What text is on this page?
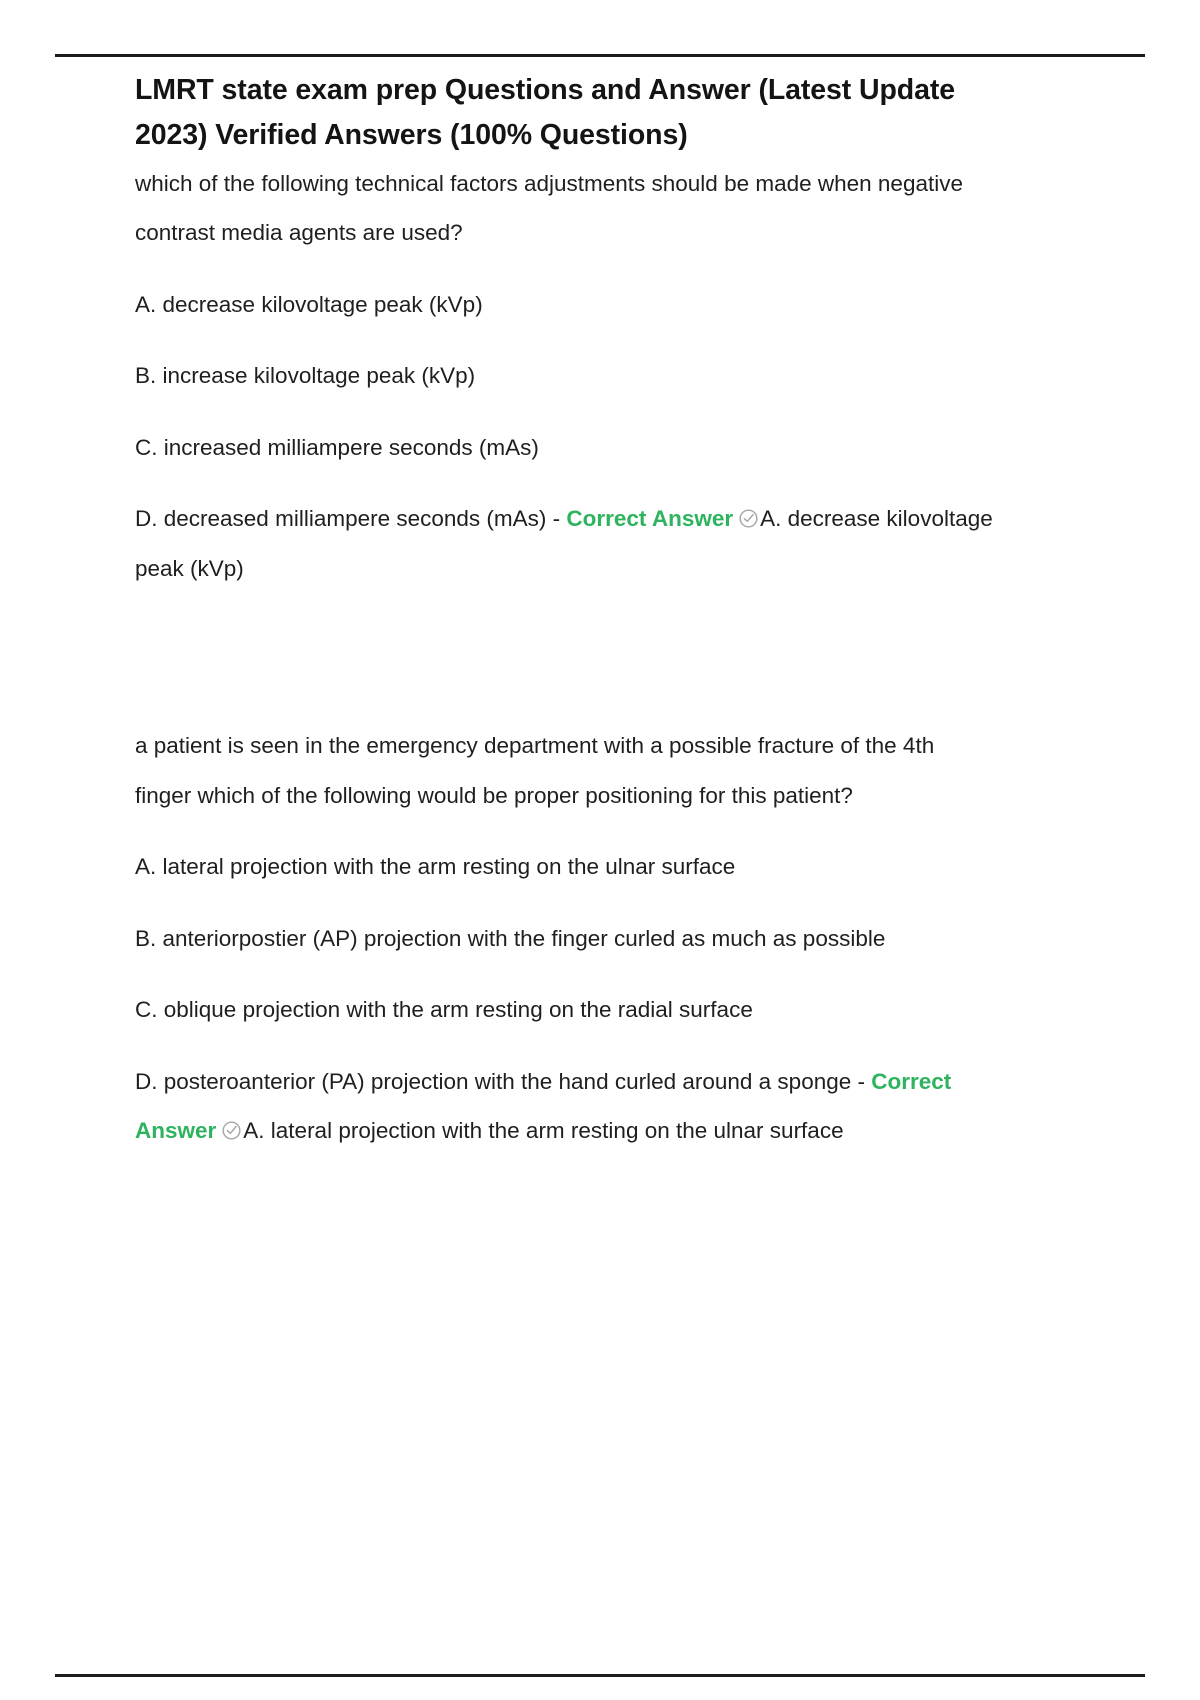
LMRT state exam prep Questions and Answer (Latest Update 2023) Verified Answers (100% Questions)

which of the following technical factors adjustments should be made when negative contrast media agents are used?

A. decrease kilovoltage peak (kVp)

B. increase kilovoltage peak (kVp)

C. increased milliampere seconds (mAs)

D. decreased milliampere seconds (mAs) - Correct Answer A. decrease kilovoltage peak (kVp)

a patient is seen in the emergency department with a possible fracture of the 4th finger which of the following would be proper positioning for this patient?

A. lateral projection with the arm resting on the ulnar surface

B. anteriorpostier (AP) projection with the finger curled as much as possible

C. oblique projection with the arm resting on the radial surface

D. posteroanterior (PA) projection with the hand curled around a sponge - Correct Answer A. lateral projection with the arm resting on the ulnar surface
